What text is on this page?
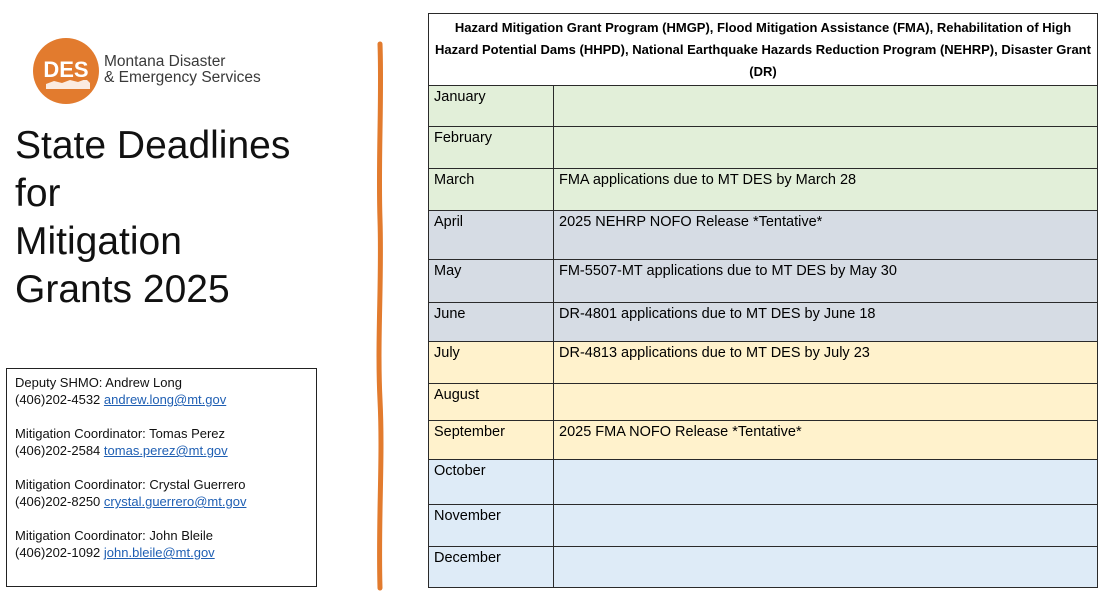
DES Montana Disaster
& Emergency Services
State Deadlines
for
Mitigation
Grants 2025
Deputy SHMO: Andrew Long
(406)202-4532 andrew.long@mt.gov
Mitigation Coordinator: Tomas Perez
(406)202-2584 tomas.perez@mt.gov
Mitigation Coordinator: Crystal Guerrero
(406)202-8250 crystal.guerrero@mt.gov
Mitigation Coordinator: John Bleile
(406)202-1092 john.bleile@mt.gov
Hazard Mitigation Grant Program (HMGP), Flood Mitigation Assistance (FMA), Rehabilitation of High Hazard Potential Dams (HHPD), National Earthquake Hazards Reduction Program (NEHRP), Disaster Grant (DR)	
January	
February	
March	FMA applications due to MT DES by March 28
April	2025 NEHRP NOFO Release *Tentative*
May	FM-5507-MT applications due to MT DES by May 30
June	DR-4801 applications due to MT DES by June 18
July	DR-4813 applications due to MT DES by July 23
August	
September	2025 FMA NOFO Release *Tentative*
October	
November	
December	
